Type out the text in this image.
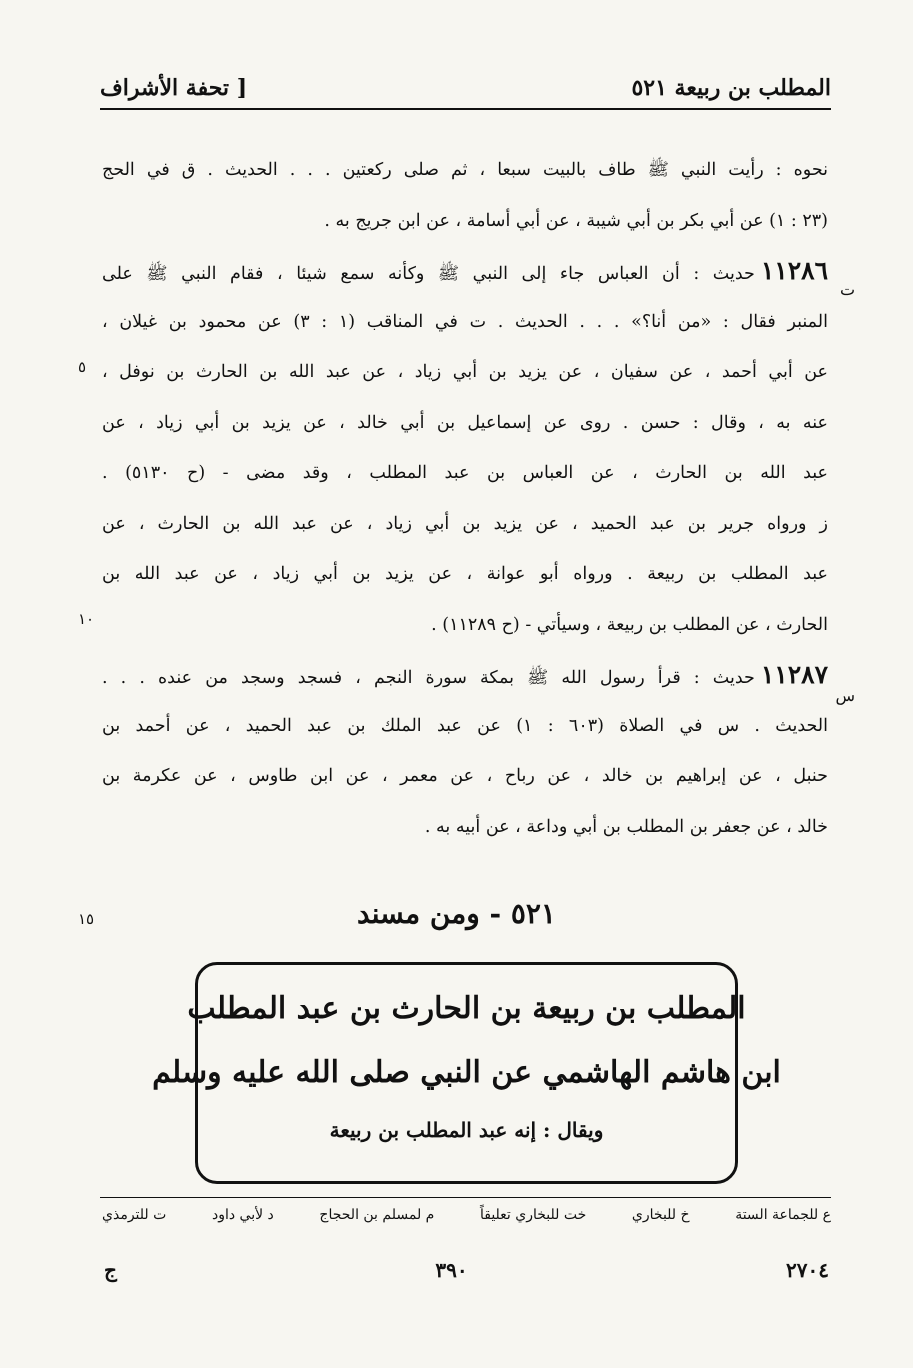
[ تحفة الأشراف	المطلب بن ربيعة ٥٢١
نحوه : رأيت النبي ﷺ طاف بالبيت سبعا ، ثم صلى ركعتين . . . الحديث . ق في الحج
(٢٣ : ١) عن أبي بكر بن أبي شيبة ، عن أبي أسامة ، عن ابن جريج به .
١١٢٨٦حديث : أن العباس جاء إلى النبي ﷺ وكأنه سمع شيئا ، فقام النبي ﷺ على
المنبر فقال : «من أنا؟» . . . الحديث . ت في المناقب (١ : ٣) عن محمود بن غيلان ،
عن أبي أحمد ، عن سفيان ، عن يزيد بن أبي زياد ، عن عبد الله بن الحارث بن نوفل ،
عنه به ، وقال : حسن . روى عن إسماعيل بن أبي خالد ، عن يزيد بن أبي زياد ، عن
عبد الله بن الحارث ، عن العباس بن عبد المطلب ، وقد مضى - (ح ٥١٣٠) .
ز ورواه جرير بن عبد الحميد ، عن يزيد بن أبي زياد ، عن عبد الله بن الحارث ، عن
عبد المطلب بن ربيعة . ورواه أبو عوانة ، عن يزيد بن أبي زياد ، عن عبد الله بن
الحارث ، عن المطلب بن ربيعة ، وسيأتي - (ح ١١٢٨٩) .
١١٢٨٧حديث : قرأ رسول الله ﷺ بمكة سورة النجم ، فسجد وسجد من عنده . . .
الحديث . س في الصلاة (٦٠٣ : ١) عن عبد الملك بن عبد الحميد ، عن أحمد بن
حنبل ، عن إبراهيم بن خالد ، عن رباح ، عن معمر ، عن ابن طاوس ، عن عكرمة بن
خالد ، عن جعفر بن المطلب بن أبي وداعة ، عن أبيه به .
ت
س
٥
١٠
١٥	٥٢١ - ومن مسند
المطلب بن ربيعة بن الحارث بن عبد المطلب
ابن هاشم الهاشمي عن النبي صلى الله عليه وسلم
ويقال : إنه عبد المطلب بن ربيعة
ع للجماعة الستة
خ للبخاري
خت للبخاري تعليقاً
م لمسلم بن الحجاج
د لأبي داود
ت للترمذي
٢٧٠٤
٣٩٠
ج
